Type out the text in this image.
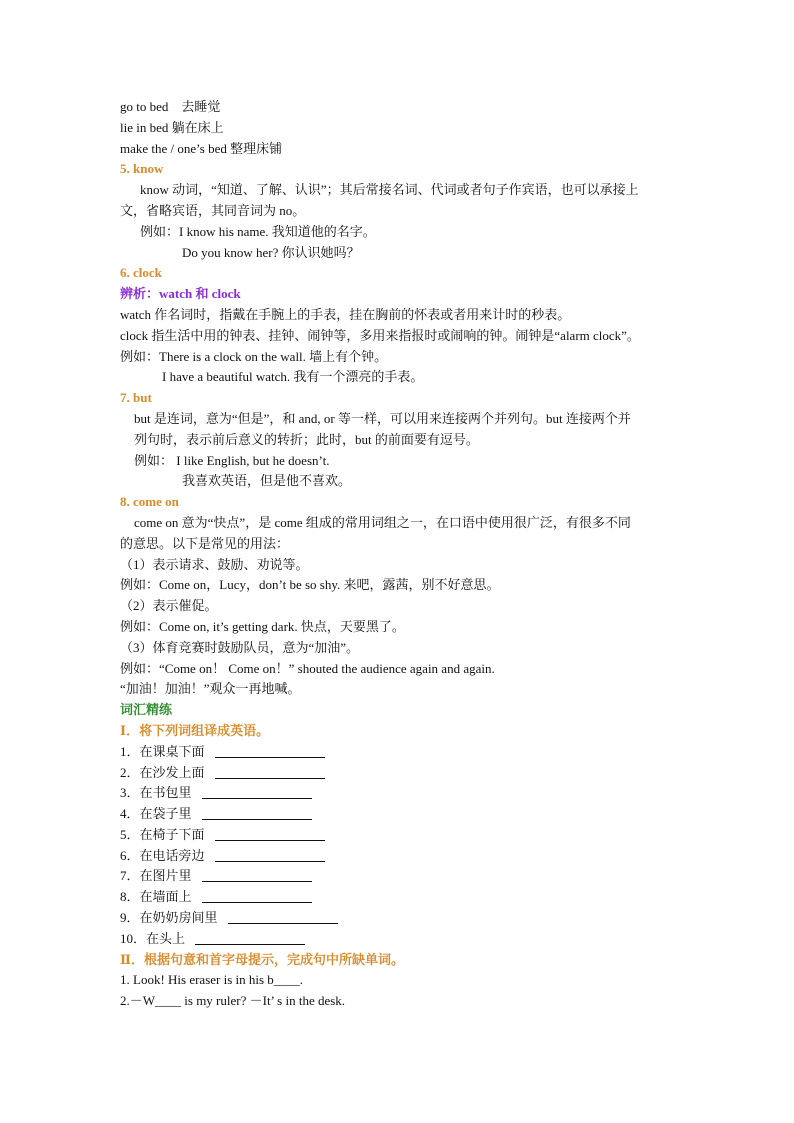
go to bed　去睡觉
lie in bed 躺在床上
make the / one’s bed 整理床铺
5. know
know 动词，“知道、了解、认识”；其后常接名词、代词或者句子作宾语，也可以承接上
文，省略宾语，其同音词为 no。
例如：I know his name. 我知道他的名字。
Do you know her? 你认识她吗？
6. clock
辨析：watch 和 clock
watch 作名词时，指戴在手腕上的手表，挂在胸前的怀表或者用来计时的秒表。
clock 指生活中用的钟表、挂钟、闹钟等，多用来指报时或闹响的钟。闹钟是“alarm clock”。
例如：There is a clock on the wall. 墙上有个钟。
I have a beautiful watch. 我有一个漂亮的手表。
7. but
but 是连词，意为“但是”，和 and, or 等一样，可以用来连接两个并列句。but 连接两个并
列句时，表示前后意义的转折；此时，but 的前面要有逗号。
例如： I like English, but he doesn’t.
我喜欢英语，但是他不喜欢。
8. come on
come on 意为“快点”，是 come 组成的常用词组之一，在口语中使用很广泛，有很多不同
的意思。以下是常见的用法：
（1）表示请求、鼓励、劝说等。
例如：Come on，Lucy，don’t be so shy. 来吧，露茜，别不好意思。
（2）表示催促。
例如：Come on, it’s getting dark. 快点，天要黑了。
（3）体育竞赛时鼓励队员，意为“加油”。
例如：“Come on！ Come on！” shouted the audience again and again.
“加油！加油！”观众一再地喊。
词汇精练
Ⅰ．将下列词组译成英语。
1．在课桌下面
2．在沙发上面
3．在书包里
4．在袋子里
5．在椅子下面
6．在电话旁边
7．在图片里
8．在墙面上
9．在奶奶房间里
10．在头上
Ⅱ．根据句意和首字母提示，完成句中所缺单词。
1. Look! His eraser is in his b____.
2.－W____ is my ruler? －It’ s in the desk.
